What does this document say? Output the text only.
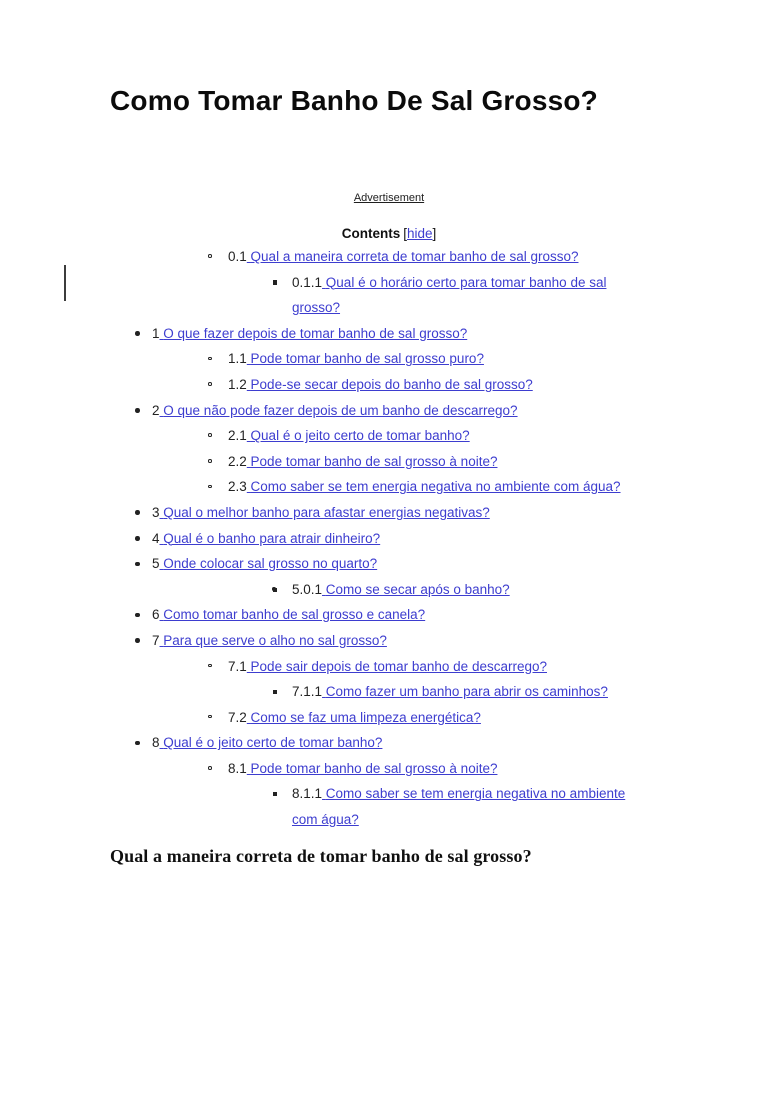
Como Tomar Banho De Sal Grosso?
Advertisement
Contents [hide]
0.1 Qual a maneira correta de tomar banho de sal grosso?
0.1.1 Qual é o horário certo para tomar banho de sal grosso?
1 O que fazer depois de tomar banho de sal grosso?
1.1 Pode tomar banho de sal grosso puro?
1.2 Pode-se secar depois do banho de sal grosso?
2 O que não pode fazer depois de um banho de descarrego?
2.1 Qual é o jeito certo de tomar banho?
2.2 Pode tomar banho de sal grosso à noite?
2.3 Como saber se tem energia negativa no ambiente com água?
3 Qual o melhor banho para afastar energias negativas?
4 Qual é o banho para atrair dinheiro?
5 Onde colocar sal grosso no quarto?
5.0.1 Como se secar após o banho?
6 Como tomar banho de sal grosso e canela?
7 Para que serve o alho no sal grosso?
7.1 Pode sair depois de tomar banho de descarrego?
7.1.1 Como fazer um banho para abrir os caminhos?
7.2 Como se faz uma limpeza energética?
8 Qual é o jeito certo de tomar banho?
8.1 Pode tomar banho de sal grosso à noite?
8.1.1 Como saber se tem energia negativa no ambiente com água?
Qual a maneira correta de tomar banho de sal grosso?
